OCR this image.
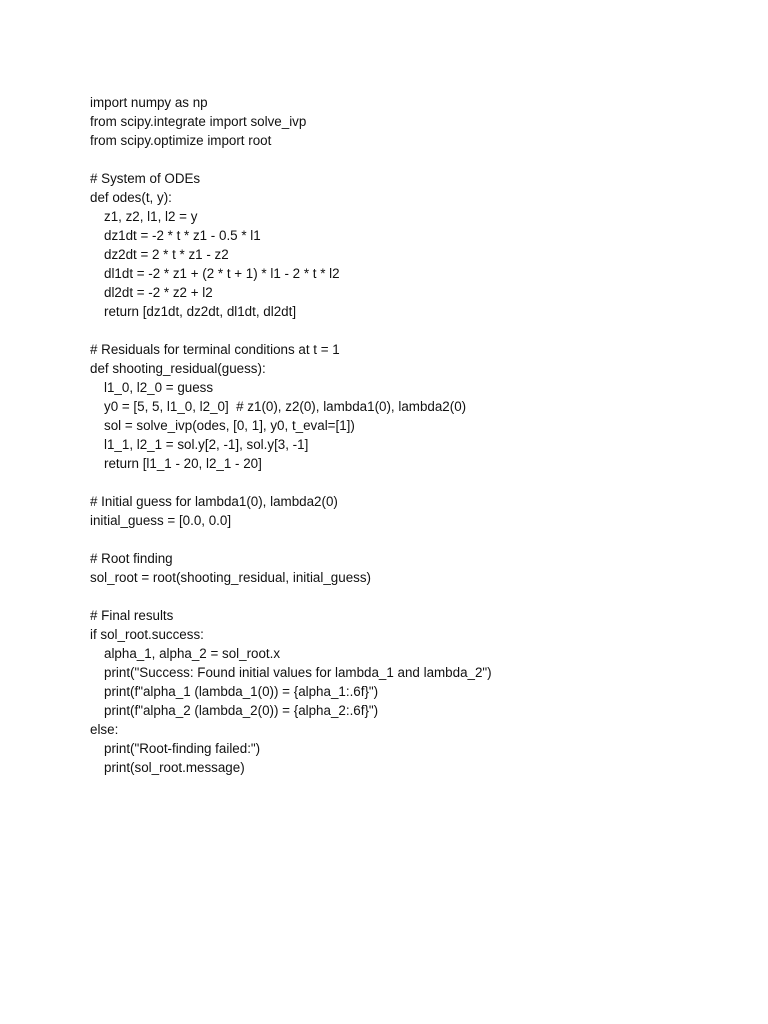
import numpy as np
from scipy.integrate import solve_ivp
from scipy.optimize import root
# System of ODEs
def odes(t, y):
z1, z2, l1, l2 = y
dz1dt = -2 * t * z1 - 0.5 * l1
dz2dt = 2 * t * z1 - z2
dl1dt = -2 * z1 + (2 * t + 1) * l1 - 2 * t * l2
dl2dt = -2 * z2 + l2
return [dz1dt, dz2dt, dl1dt, dl2dt]
# Residuals for terminal conditions at t = 1
def shooting_residual(guess):
l1_0, l2_0 = guess
y0 = [5, 5, l1_0, l2_0]  # z1(0), z2(0), lambda1(0), lambda2(0)
sol = solve_ivp(odes, [0, 1], y0, t_eval=[1])
l1_1, l2_1 = sol.y[2, -1], sol.y[3, -1]
return [l1_1 - 20, l2_1 - 20]
# Initial guess for lambda1(0), lambda2(0)
initial_guess = [0.0, 0.0]
# Root finding
sol_root = root(shooting_residual, initial_guess)
# Final results
if sol_root.success:
alpha_1, alpha_2 = sol_root.x
print("Success: Found initial values for lambda_1 and lambda_2")
print(f"alpha_1 (lambda_1(0)) = {alpha_1:.6f}")
print(f"alpha_2 (lambda_2(0)) = {alpha_2:.6f}")
else:
print("Root-finding failed:")
print(sol_root.message)
